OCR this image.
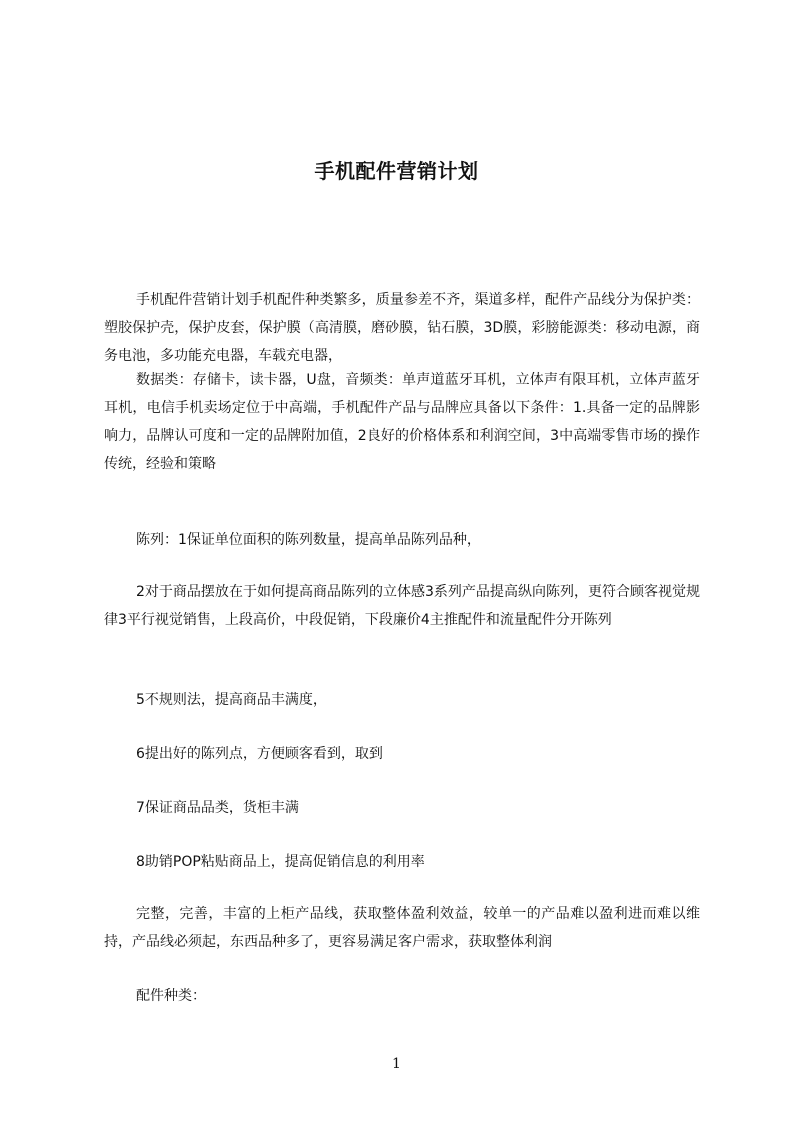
手机配件营销计划

手机配件营销计划手机配件种类繁多，质量参差不齐，渠道多样，配件产品线分为保护类：塑胶保护壳，保护皮套，保护膜（高清膜，磨砂膜，钻石膜，3D膜，彩膀能源类：移动电源，商务电池，多功能充电器，车载充电器，

数据类：存储卡，读卡器，U盘，音频类：单声道蓝牙耳机，立体声有限耳机，立体声蓝牙耳机，电信手机卖场定位于中高端，手机配件产品与品牌应具备以下条件：1.具备一定的品牌影响力，品牌认可度和一定的品牌附加值，2良好的价格体系和利润空间，3中高端零售市场的操作传统，经验和策略

陈列：1保证单位面积的陈列数量，提高单品陈列品种，

2对于商品摆放在于如何提高商品陈列的立体感3系列产品提高纵向陈列，更符合顾客视觉规律3平行视觉销售，上段高价，中段促销，下段廉价4主推配件和流量配件分开陈列

5不规则法，提高商品丰满度，

6提出好的陈列点，方便顾客看到，取到

7保证商品品类，货柜丰满

8助销POP粘贴商品上，提高促销信息的利用率

完整，完善，丰富的上柜产品线，获取整体盈利效益，较单一的产品难以盈利进而难以维持，产品线必须起，东西品种多了，更容易满足客户需求，获取整体利润

配件种类：

1
